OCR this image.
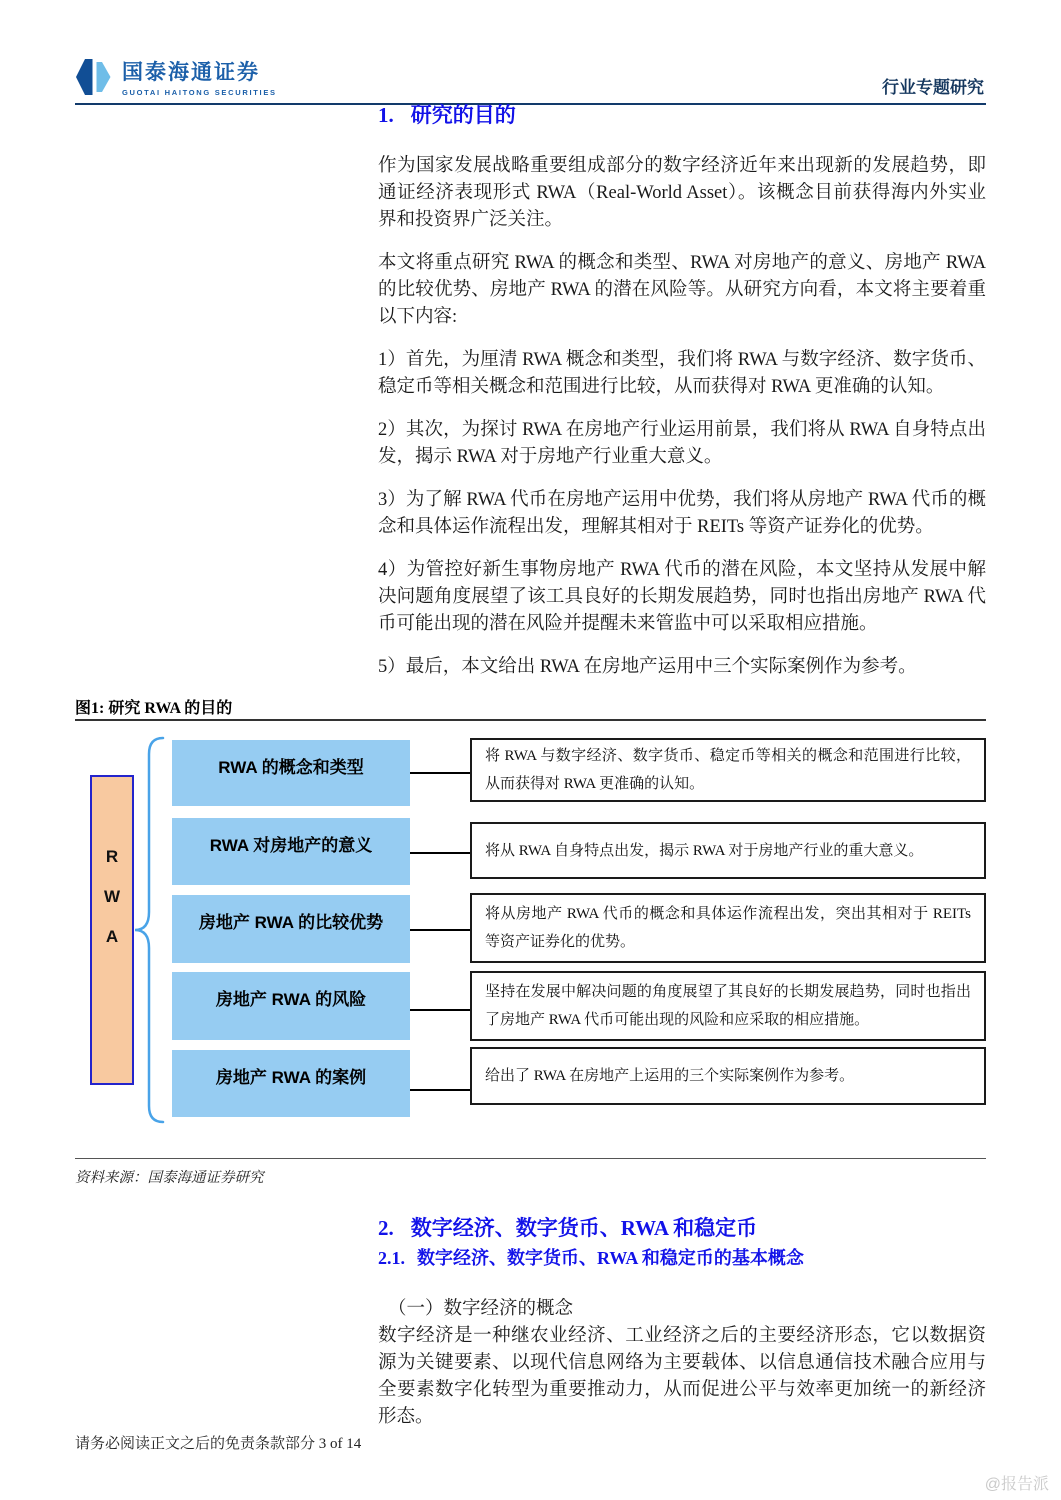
国泰海通证券
GUOTAI HAITONG SECURITIES	行业专题研究
1. 研究的目的

作为国家发展战略重要组成部分的数字经济近年来出现新的发展趋势，即通证经济表现形式 RWA（Real-World Asset）。该概念目前获得海内外实业界和投资界广泛关注。

本文将重点研究 RWA 的概念和类型、RWA 对房地产的意义、房地产 RWA 的比较优势、房地产 RWA 的潜在风险等。从研究方向看，本文将主要着重以下内容:

1）首先，为厘清 RWA 概念和类型，我们将 RWA 与数字经济、数字货币、稳定币等相关概念和范围进行比较，从而获得对 RWA 更准确的认知。

2）其次，为探讨 RWA 在房地产行业运用前景，我们将从 RWA 自身特点出发，揭示 RWA 对于房地产行业重大意义。

3）为了解 RWA 代币在房地产运用中优势，我们将从房地产 RWA 代币的概念和具体运作流程出发，理解其相对于 REITs 等资产证券化的优势。

4）为管控好新生事物房地产 RWA 代币的潜在风险，本文坚持从发展中解决问题角度展望了该工具良好的长期发展趋势，同时也指出房地产 RWA 代币可能出现的潜在风险并提醒未来管监中可以采取相应措施。

5）最后，本文给出 RWA 在房地产运用中三个实际案例作为参考。

图1: 研究 RWA 的目的
R
W
A
RWA 的概念和类型
RWA 对房地产的意义
房地产 RWA 的比较优势
房地产 RWA 的风险
房地产 RWA 的案例
将 RWA 与数字经济、数字货币、稳定币等相关的概念和范围进行比较，从而获得对 RWA 更准确的认知。
将从 RWA 自身特点出发，揭示 RWA 对于房地产行业的重大意义。
将从房地产 RWA 代币的概念和具体运作流程出发，突出其相对于 REITs 等资产证券化的优势。
坚持在发展中解决问题的角度展望了其良好的长期发展趋势，同时也指出了房地产 RWA 代币可能出现的风险和应采取的相应措施。
给出了 RWA 在房地产上运用的三个实际案例作为参考。
资料来源：国泰海通证券研究
2. 数字经济、数字货币、RWA 和稳定币
2.1. 数字经济、数字货币、RWA 和稳定币的基本概念
（一）数字经济的概念

数字经济是一种继农业经济、工业经济之后的主要经济形态，它以数据资源为关键要素、以现代信息网络为主要载体、以信息通信技术融合应用与全要素数字化转型为重要推动力，从而促进公平与效率更加统一的新经济形态。

请务必阅读正文之后的免责条款部分 3 of 14
@报告派
